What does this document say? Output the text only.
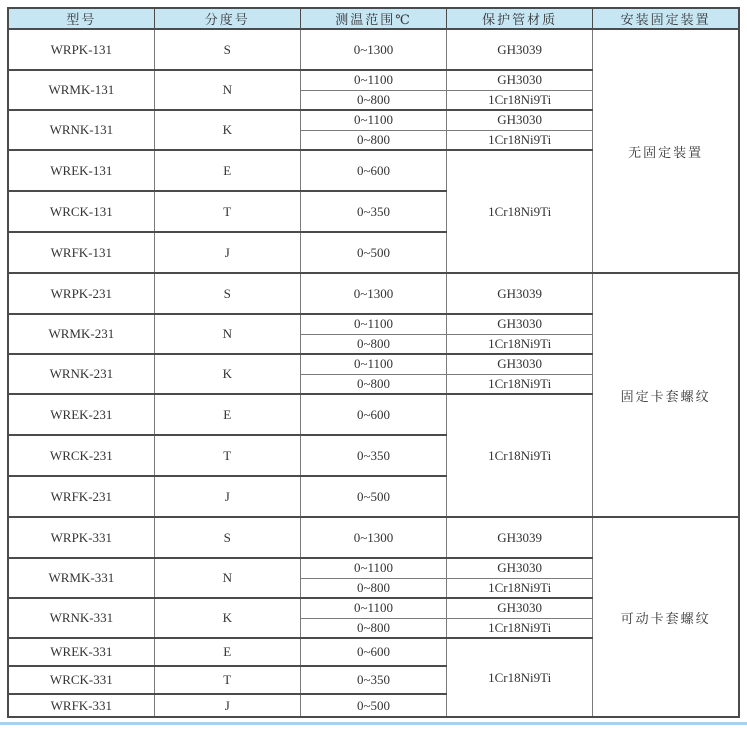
型号	分度号	测温范围℃	保护管材质	安装固定装置
WRPK-131	S	0~1300	GH3039	无固定装置
WRMK-131	N	0~1100	GH3030	
		0~800	1Cr18Ni9Ti	
WRNK-131	K	0~1100	GH3030	
		0~800	1Cr18Ni9Ti	
WREK-131	E	0~600	1Cr18Ni9Ti	
WRCK-131	T	0~350		
WRFK-131	J	0~500		
WRPK-231	S	0~1300	GH3039	固定卡套螺纹
WRMK-231	N	0~1100	GH3030	
		0~800	1Cr18Ni9Ti	
WRNK-231	K	0~1100	GH3030	
		0~800	1Cr18Ni9Ti	
WREK-231	E	0~600	1Cr18Ni9Ti	
WRCK-231	T	0~350		
WRFK-231	J	0~500		
WRPK-331	S	0~1300	GH3039	可动卡套螺纹
WRMK-331	N	0~1100	GH3030	
		0~800	1Cr18Ni9Ti	
WRNK-331	K	0~1100	GH3030	
		0~800	1Cr18Ni9Ti	
WREK-331	E	0~600	1Cr18Ni9Ti	
WRCK-331	T	0~350		
WRFK-331	J	0~500		
